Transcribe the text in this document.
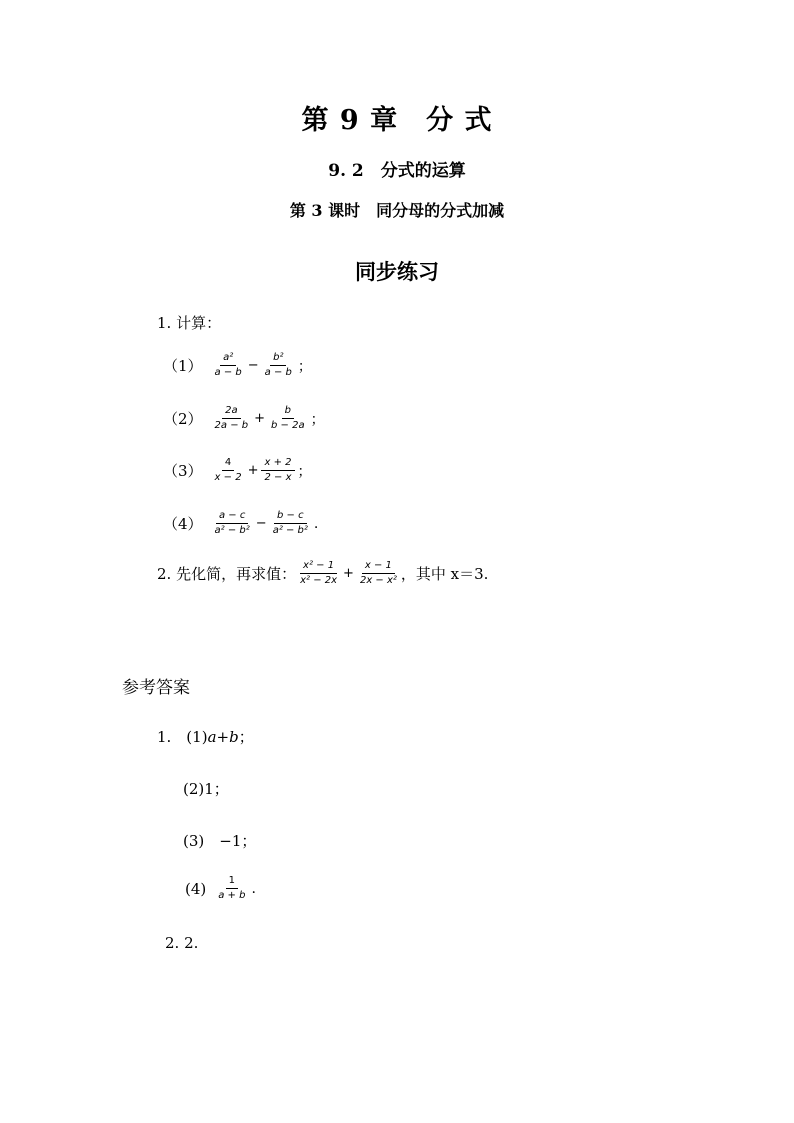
第 9 章 分 式
9. 2　分式的运算
第 3 课时　同分母的分式加减
同步练习
1. 计算：
$(1) \frac{\text{a²}}{a - b} - \frac{\text{b²}}{a - b}$ ；
$(2) \frac{2a}{2a - b} + \frac{b}{b - 2a}$ ；
$(3) \frac{4}{x - 2} + \frac{x + 2}{2 - x}$ ；
$(4) \frac{a - c}{\text{a² − b²}} - \frac{b - c}{\text{a² − b²}}$ .
2. 先化简，再求值： $\frac{\text{x² − 1}}{\text{x² − 2x}} + \frac{x - 1}{\text{2x − x²}}$ ，其中 x＝3.
参考答案
1.　(1)a+b；
(2)1；
(3)　−1；
$(4) \frac{1}{a + b}$ .
2. 2.
